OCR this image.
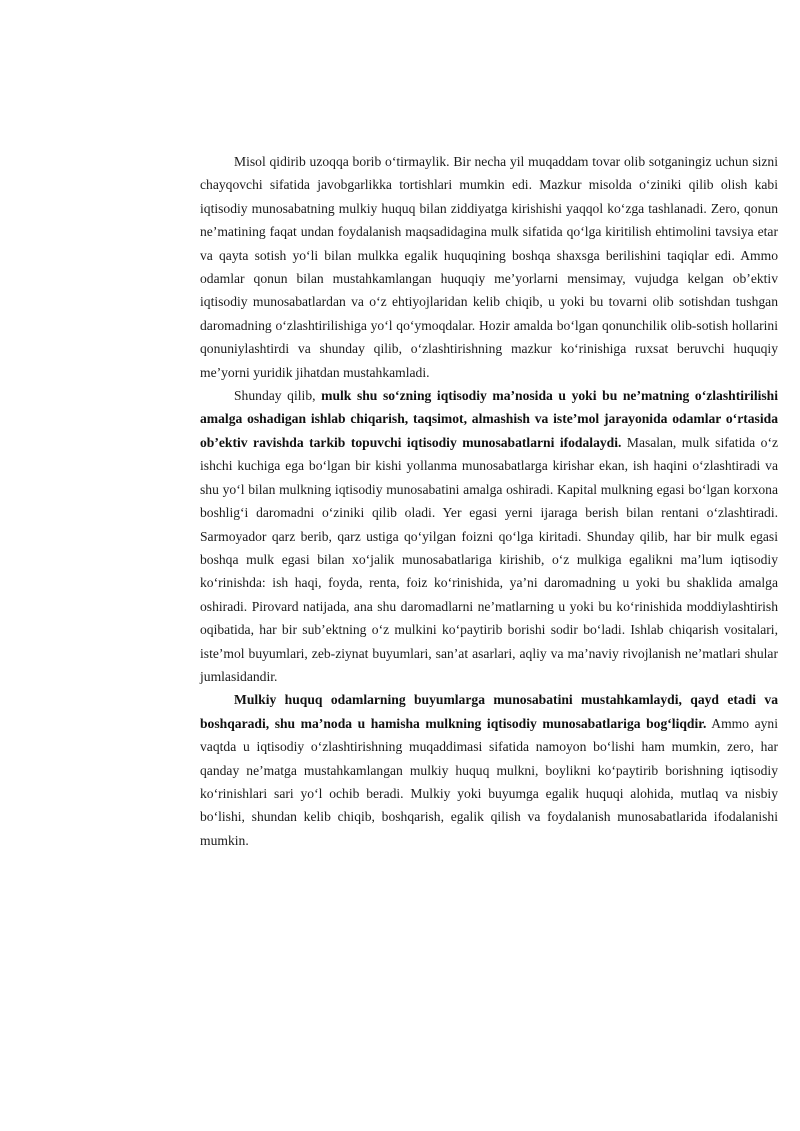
Misol qidirib uzoqqa borib o‘tirmaylik. Bir necha yil muqaddam tovar olib sotganingiz uchun sizni chayqovchi sifatida javobgarlikka tortishlari mumkin edi. Mazkur misolda o‘ziniki qilib olish kabi iqtisodiy munosabatning mulkiy huquq bilan ziddiyatga kirishishi yaqqol ko‘zga tashlanadi. Zero, qonun ne’matining faqat undan foydalanish maqsadidagina mulk sifatida qo‘lga kiritilish ehtimolini tavsiya etar va qayta sotish yo‘li bilan mulkka egalik huquqining boshqa shaxsga berilishini taqiqlar edi. Ammo odamlar qonun bilan mustahkamlangan huquqiy me’yorlarni mensimay, vujudga kelgan ob’ektiv iqtisodiy munosabatlardan va o‘z ehtiyojlaridan kelib chiqib, u yoki bu tovarni olib sotishdan tushgan daromadning o‘zlashtirilishiga yo‘l qo‘ymoqdalar. Hozir amalda bo‘lgan qonunchilik olib-sotish hollarini qonuniylashtirdi va shunday qilib, o‘zlashtirishning mazkur ko‘rinishiga ruxsat beruvchi huquqiy me’yorni yuridik jihatdan mustahkamladi.

Shunday qilib, mulk shu so‘zning iqtisodiy ma’nosida u yoki bu ne’matning o‘zlashtirilishi amalga oshadigan ishlab chiqarish, taqsimot, almashish va iste’mol jarayonida odamlar o‘rtasida ob’ektiv ravishda tarkib topuvchi iqtisodiy munosabatlarni ifodalaydi. Masalan, mulk sifatida o‘z ishchi kuchiga ega bo‘lgan bir kishi yollanma munosabatlarga kirishar ekan, ish haqini o‘zlashtiradi va shu yo‘l bilan mulkning iqtisodiy munosabatini amalga oshiradi. Kapital mulkning egasi bo‘lgan korxona boshlig‘i daromadni o‘ziniki qilib oladi. Yer egasi yerni ijaraga berish bilan rentani o‘zlashtiradi. Sarmoyador qarz berib, qarz ustiga qo‘yilgan foizni qo‘lga kiritadi. Shunday qilib, har bir mulk egasi boshqa mulk egasi bilan xo‘jalik munosabatlariga kirishib, o‘z mulkiga egalikni ma’lum iqtisodiy ko‘rinishda: ish haqi, foyda, renta, foiz ko‘rinishida, ya’ni daromadning u yoki bu shaklida amalga oshiradi. Pirovard natijada, ana shu daromadlarni ne’matlarning u yoki bu ko‘rinishida moddiylashtirish oqibatida, har bir sub’ektning o‘z mulkini ko‘paytirib borishi sodir bo‘ladi. Ishlab chiqarish vositalari, iste’mol buyumlari, zeb-ziynat buyumlari, san’at asarlari, aqliy va ma’naviy rivojlanish ne’matlari shular jumlasidandir.

Mulkiy huquq odamlarning buyumlarga munosabatini mustahkamlaydi, qayd etadi va boshqaradi, shu ma’noda u hamisha mulkning iqtisodiy munosabatlariga bog‘liqdir. Ammo ayni vaqtda u iqtisodiy o‘zlashtirishning muqaddimasi sifatida namoyon bo‘lishi ham mumkin, zero, har qanday ne’matga mustahkamlangan mulkiy huquq mulkni, boylikni ko‘paytirib borishning iqtisodiy ko‘rinishlari sari yo‘l ochib beradi. Mulkiy yoki buyumga egalik huquqi alohida, mutlaq va nisbiy bo‘lishi, shundan kelib chiqib, boshqarish, egalik qilish va foydalanish munosabatlarida ifodalanishi mumkin.
